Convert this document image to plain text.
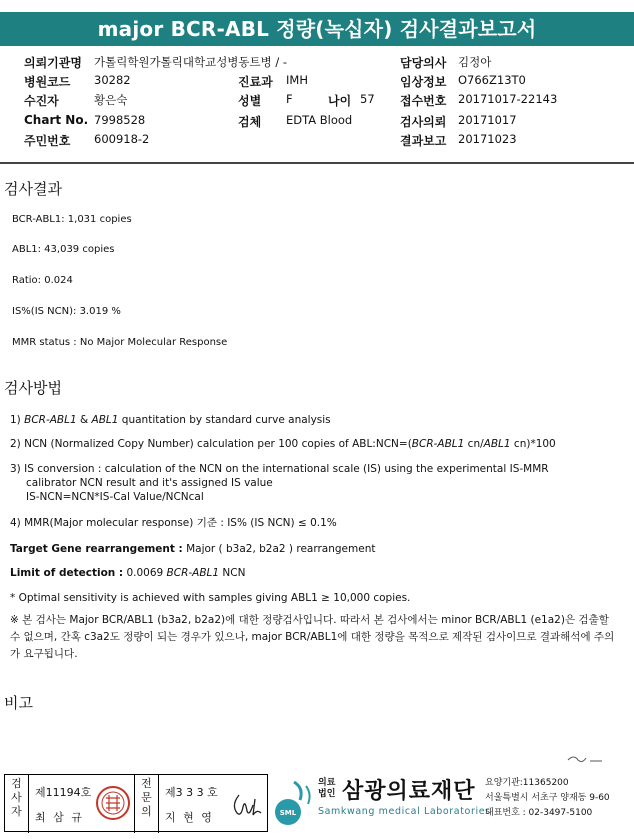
major BCR-ABL 정량(녹십자) 검사결과보고서
의뢰기관명 가톨릭학원가톨릭대학교성병동트병 / -	담당의사 김정아
병원코드 30282	진료과 IMH	임상정보 O766Z13T0
수진자	황은숙	성별 F	나이 57 접수번호 20171017-22143
Chart No. 7998528	검체 EDTA Blood	검사의뢰 20171017
주민번호 600918-2	결과보고 20171023
검사결과
BCR-ABL1: 1,031 copies
ABL1: 43,039 copies
Ratio: 0.024
IS%(IS NCN): 3.019 %
MMR status : No Major Molecular Response
검사방법
1) BCR-ABL1 & ABL1 quantitation by standard curve analysis
2) NCN (Normalized Copy Number) calculation per 100 copies of ABL:NCN=(BCR-ABL1 cn/ABL1 cn)*100
3) IS conversion : calculation of the NCN on the international scale (IS) using the experimental IS-MMR
calibrator NCN result and it's assigned IS value
IS-NCN=NCN*IS-Cal Value/NCNcal
4) MMR(Major molecular response) 기준 : IS% (IS NCN) ≤ 0.1%
Target Gene rearrangement : Major ( b3a2, b2a2 ) rearrangement
Limit of detection : 0.0069 BCR-ABL1 NCN
* Optimal sensitivity is achieved with samples giving ABL1 ≥ 10,000 copies.
※ 본 검사는 Major BCR/ABL1 (b3a2, b2a2)에 대한 정량검사입니다. 따라서 본 검사에서는 minor BCR/ABL1 (e1a2)은 검출할 수 없으며, 간혹 c3a2도 정량이 되는 경우가 있으나, major BCR/ABL1에 대한 정량을 목적으로 제작된 검사이므로 결과해석에 주의가 요구됩니다.
비고
검사자
제11194호
최 삼 규
전문의
제3 3 3 호
지 현 영	SML
의료
법인 삼광의료재단
Samkwang medical Laboratories
요양기관:11365200
서울특별시 서초구 양재동 9-60
대표번호 : 02-3497-5100
